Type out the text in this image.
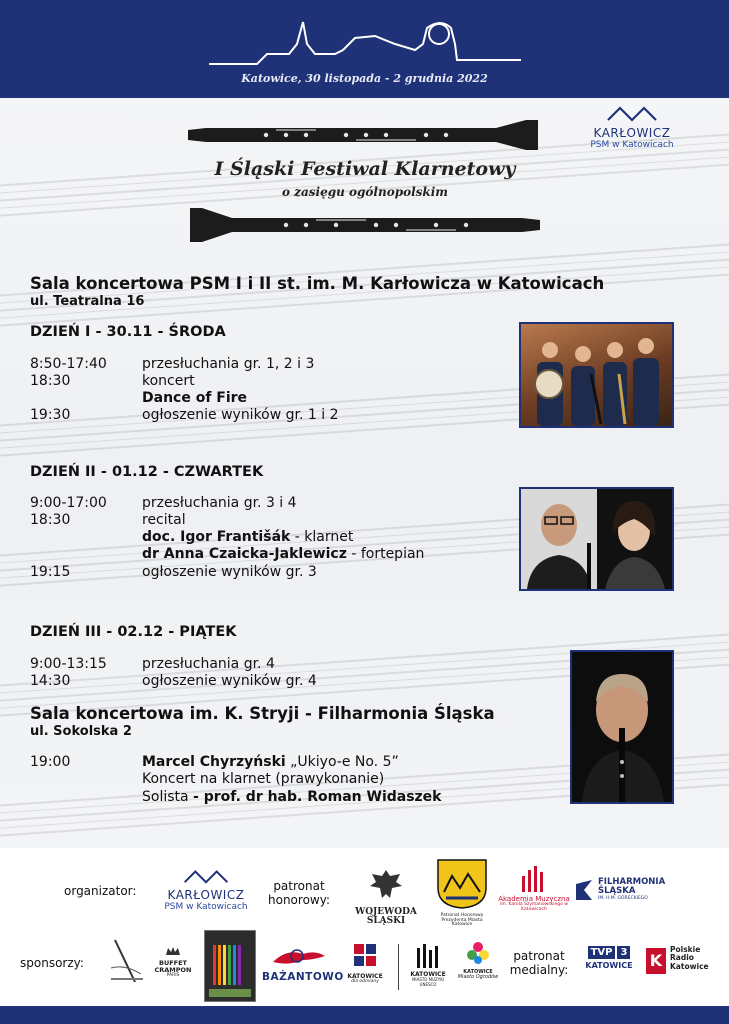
Katowice, 30 listopada - 2 grudnia 2022
I Śląski Festiwal Klarnetowy
o zasięgu ogólnopolskim
KARŁOWICZ
PSM w Katowicach
Sala koncertowa PSM I i II st. im. M. Karłowicza w Katowicach
ul. Teatralna 16
DZIEŃ I - 30.11 - ŚRODA
8:50-17:40	przesłuchania gr. 1, 2 i 3
18:30	koncert
Dance of Fire
19:30	ogłoszenie wyników gr. 1 i 2
DZIEŃ II - 01.12 - CZWARTEK
9:00-17:00	przesłuchania gr. 3 i 4
18:30	recital
doc. Igor Františák - klarnet
dr Anna Czaicka-Jaklewicz - fortepian
19:15	ogłoszenie wyników gr. 3
DZIEŃ III - 02.12 - PIĄTEK
9:00-13:15	przesłuchania gr. 4
14:30	ogłoszenie wyników gr. 4
Sala koncertowa im. K. Stryji - Filharmonia Śląska
ul. Sokolska 2
19:00	Marcel Chyrzyński „Ukiyo-e No. 5”
Koncert na klarnet (prawykonanie)
Solista - prof. dr hab. Roman Widaszek
organizator:	KARŁOWICZ
PSM w Katowicach
patronat honorowy:
WOJEWODA ŚLĄSKI
Patronat Honorowy Prezydenta Miasta Katowice
Akademia Muzyczna
im. Karola Szymanowskiego w Katowicach
FILHARMONIA ŚLĄSKA
IM. H.M. GÓRECKIEGO
sponsorzy:	BUFFET CRAMPON
PARIS	BAŻANTOWO KATOWICE
dla odmiany
KATOWICE
MIASTO MUZYKI UNESCO
KATOWICE
Miasto Ogrodów
patronat medialny:
TVP 3
KATOWICE	K
Polskie Radio Katowice
